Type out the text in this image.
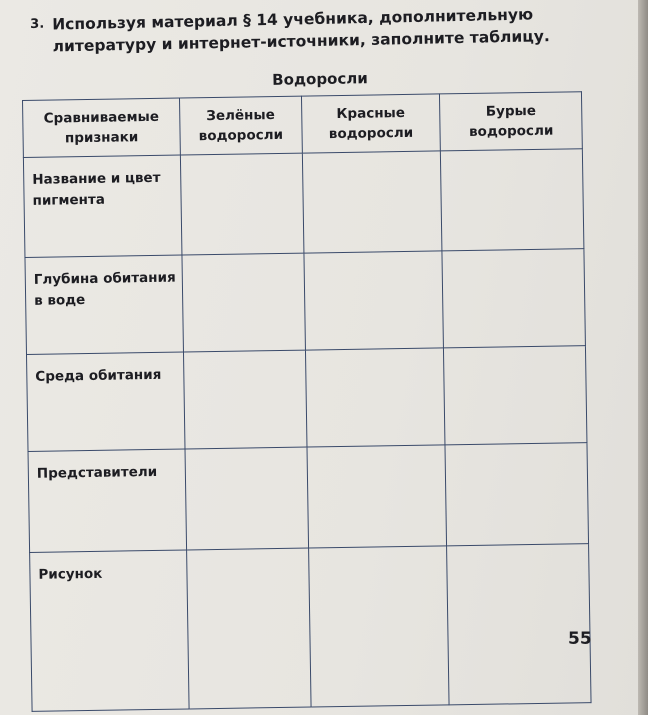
3. Используя материал § 14 учебника, дополнительную литературу и интернет-источники, заполните таблицу.
Водоросли
Сравниваемые признаки	Зелёные водоросли	Красные водоросли	Бурые водоросли
Название и цвет пигмента			
Глубина обитания в воде			
Среда обитания			
Представители			
Рисунок			
55
